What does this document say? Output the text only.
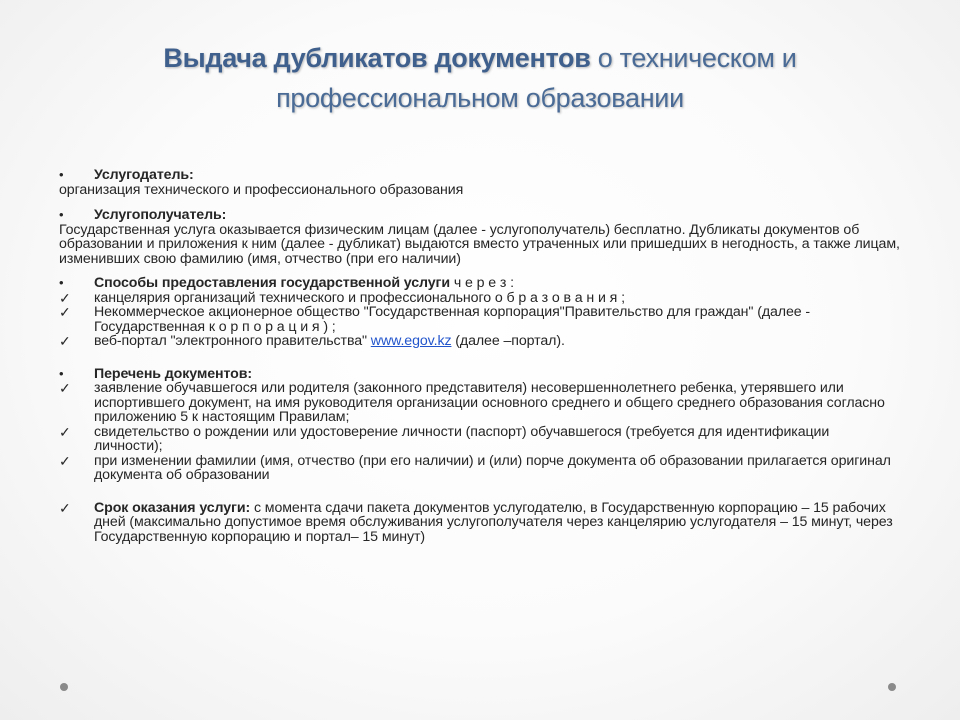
Выдача дубликатов документов о техническом и
профессиональном образовании
•	Услугодатель:
организация технического и профессионального образования
•	Услугополучатель:
Государственная услуга оказывается физическим лицам (далее - услугополучатель) бесплатно. Дубликаты документов об образовании и приложения к ним (далее - дубликат) выдаются вместо утраченных или пришедших в негодность, а также лицам, изменивших свою фамилию (имя, отчество (при его наличии)
•	Способы предоставления государственной услуги ч е р е з :
✓	канцелярия организаций технического и профессионального о б р а з о в а н и я ;
✓	Некоммерческое акционерное общество "Государственная корпорация"Правительство для граждан" (далее - Государственная к о р п о р а ц и я ) ;
✓	веб-портал "электронного правительства" www.egov.kz (далее –портал).
•	Перечень документов:
✓	заявление обучавшегося или родителя (законного представителя) несовершеннолетнего ребенка, утерявшего или испортившего документ, на имя руководителя организации основного среднего и общего среднего образования согласно приложению 5 к настоящим Правилам;
✓	свидетельство о рождении или удостоверение личности (паспорт) обучавшегося (требуется для идентификации         личности);
✓	при изменении фамилии (имя, отчество (при его наличии) и (или) порче документа об образовании прилагается оригинал документа об образовании
✓	Срок оказания услуги: с момента сдачи пакета документов услугодателю, в Государственную корпорацию – 15 рабочих дней (максимально допустимое время обслуживания услугополучателя через канцелярию услугодателя – 15 минут, через Государственную корпорацию и портал– 15 минут)
